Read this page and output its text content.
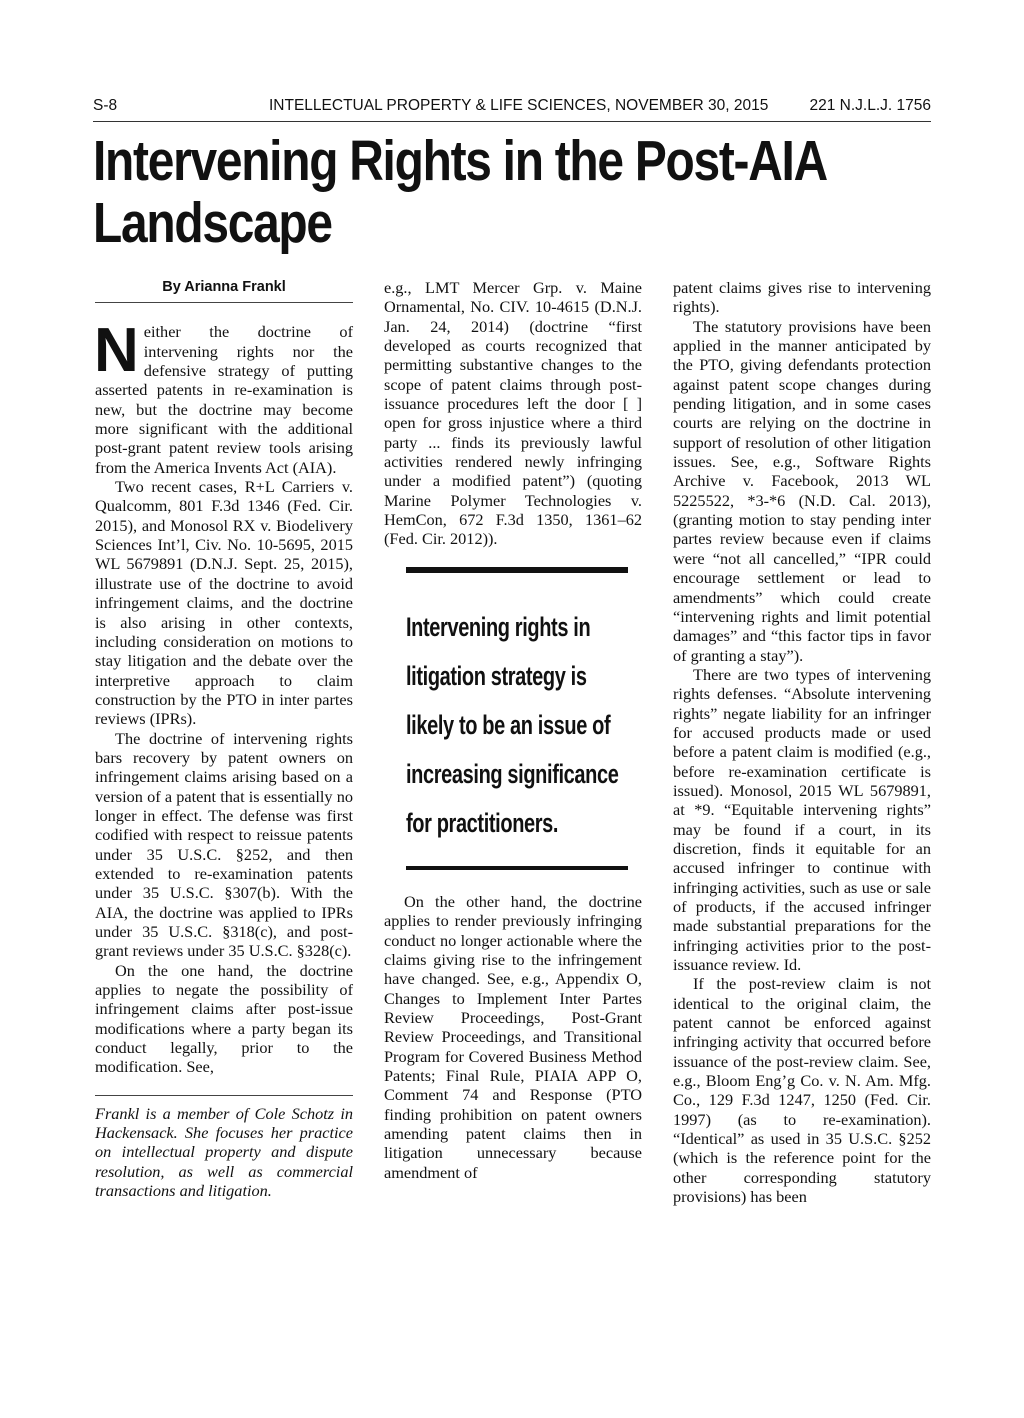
S-8	INTELLECTUAL PROPERTY & LIFE SCIENCES, NOVEMBER 30, 2015	221 N.J.L.J. 1756
Intervening Rights in the Post-AIA
Landscape
By Arianna Frankl

Neither the doctrine of intervening rights nor the defensive strategy of putting asserted patents in re-examination is new, but the doctrine may become more significant with the additional post-grant patent review tools arising from the America Invents Act (AIA).

Two recent cases, R+L Carriers v. Qualcomm, 801 F.3d 1346 (Fed. Cir. 2015), and Monosol RX v. Biodelivery Sciences Int’l, Civ. No. 10-5695, 2015 WL 5679891 (D.N.J. Sept. 25, 2015), illustrate use of the doctrine to avoid infringement claims, and the doctrine is also arising in other contexts, including consideration on motions to stay litigation and the debate over the interpretive approach to claim construction by the PTO in inter partes reviews (IPRs).

The doctrine of intervening rights bars recovery by patent owners on infringement claims arising based on a version of a patent that is essentially no longer in effect. The defense was first codified with respect to reissue patents under 35 U.S.C. §252, and then extended to re-examination patents under 35 U.S.C. §307(b). With the AIA, the doctrine was applied to IPRs under 35 U.S.C. §318(c), and post-grant reviews under 35 U.S.C. §328(c).

On the one hand, the doctrine applies to negate the possibility of infringement claims after post-issue modifications where a party began its conduct legally, prior to the modification. See,

Frankl is a member of Cole Schotz in Hackensack. She focuses her practice on intellectual property and dispute resolution, as well as commercial transactions and litigation.

e.g., LMT Mercer Grp. v. Maine Ornamental, No. CIV. 10-4615 (D.N.J. Jan. 24, 2014) (doctrine “first developed as courts recognized that permitting substantive changes to the scope of patent claims through post-issuance procedures left the door [ ] open for gross injustice where a third party ... finds its previously lawful activities rendered newly infringing under a modified patent”) (quoting Marine Polymer Technologies v. HemCon, 672 F.3d 1350, 1361–62 (Fed. Cir. 2012)).

Intervening rights in litigation strategy is likely to be an issue of increasing significance for practitioners.

On the other hand, the doctrine applies to render previously infringing conduct no longer actionable where the claims giving rise to the infringement have changed. See, e.g., Appendix O, Changes to Implement Inter Partes Review Proceedings, Post-Grant Review Proceedings, and Transitional Program for Covered Business Method Patents; Final Rule, PIAIA APP O, Comment 74 and Response (PTO finding prohibition on patent owners amending patent claims then in litigation unnecessary because amendment of

patent claims gives rise to intervening rights).

The statutory provisions have been applied in the manner anticipated by the PTO, giving defendants protection against patent scope changes during pending litigation, and in some cases courts are relying on the doctrine in support of resolution of other litigation issues. See, e.g., Software Rights Archive v. Facebook, 2013 WL 5225522, *3-*6 (N.D. Cal. 2013), (granting motion to stay pending inter partes review because even if claims were “not all cancelled,” “IPR could encourage settlement or lead to amendments” which could create “intervening rights and limit potential damages” and “this factor tips in favor of granting a stay”).

There are two types of intervening rights defenses. “Absolute intervening rights” negate liability for an infringer for accused products made or used before a patent claim is modified (e.g., before re-examination certificate is issued). Monosol, 2015 WL 5679891, at *9. “Equitable intervening rights” may be found if a court, in its discretion, finds it equitable for an accused infringer to continue with infringing activities, such as use or sale of products, if the accused infringer made substantial preparations for the infringing activities prior to the post-issuance review. Id.

If the post-review claim is not identical to the original claim, the patent cannot be enforced against infringing activity that occurred before issuance of the post-review claim. See, e.g., Bloom Eng’g Co. v. N. Am. Mfg. Co., 129 F.3d 1247, 1250 (Fed. Cir. 1997) (as to re-examination). “Identical” as used in 35 U.S.C. §252 (which is the reference point for the other corresponding statutory provisions) has been
